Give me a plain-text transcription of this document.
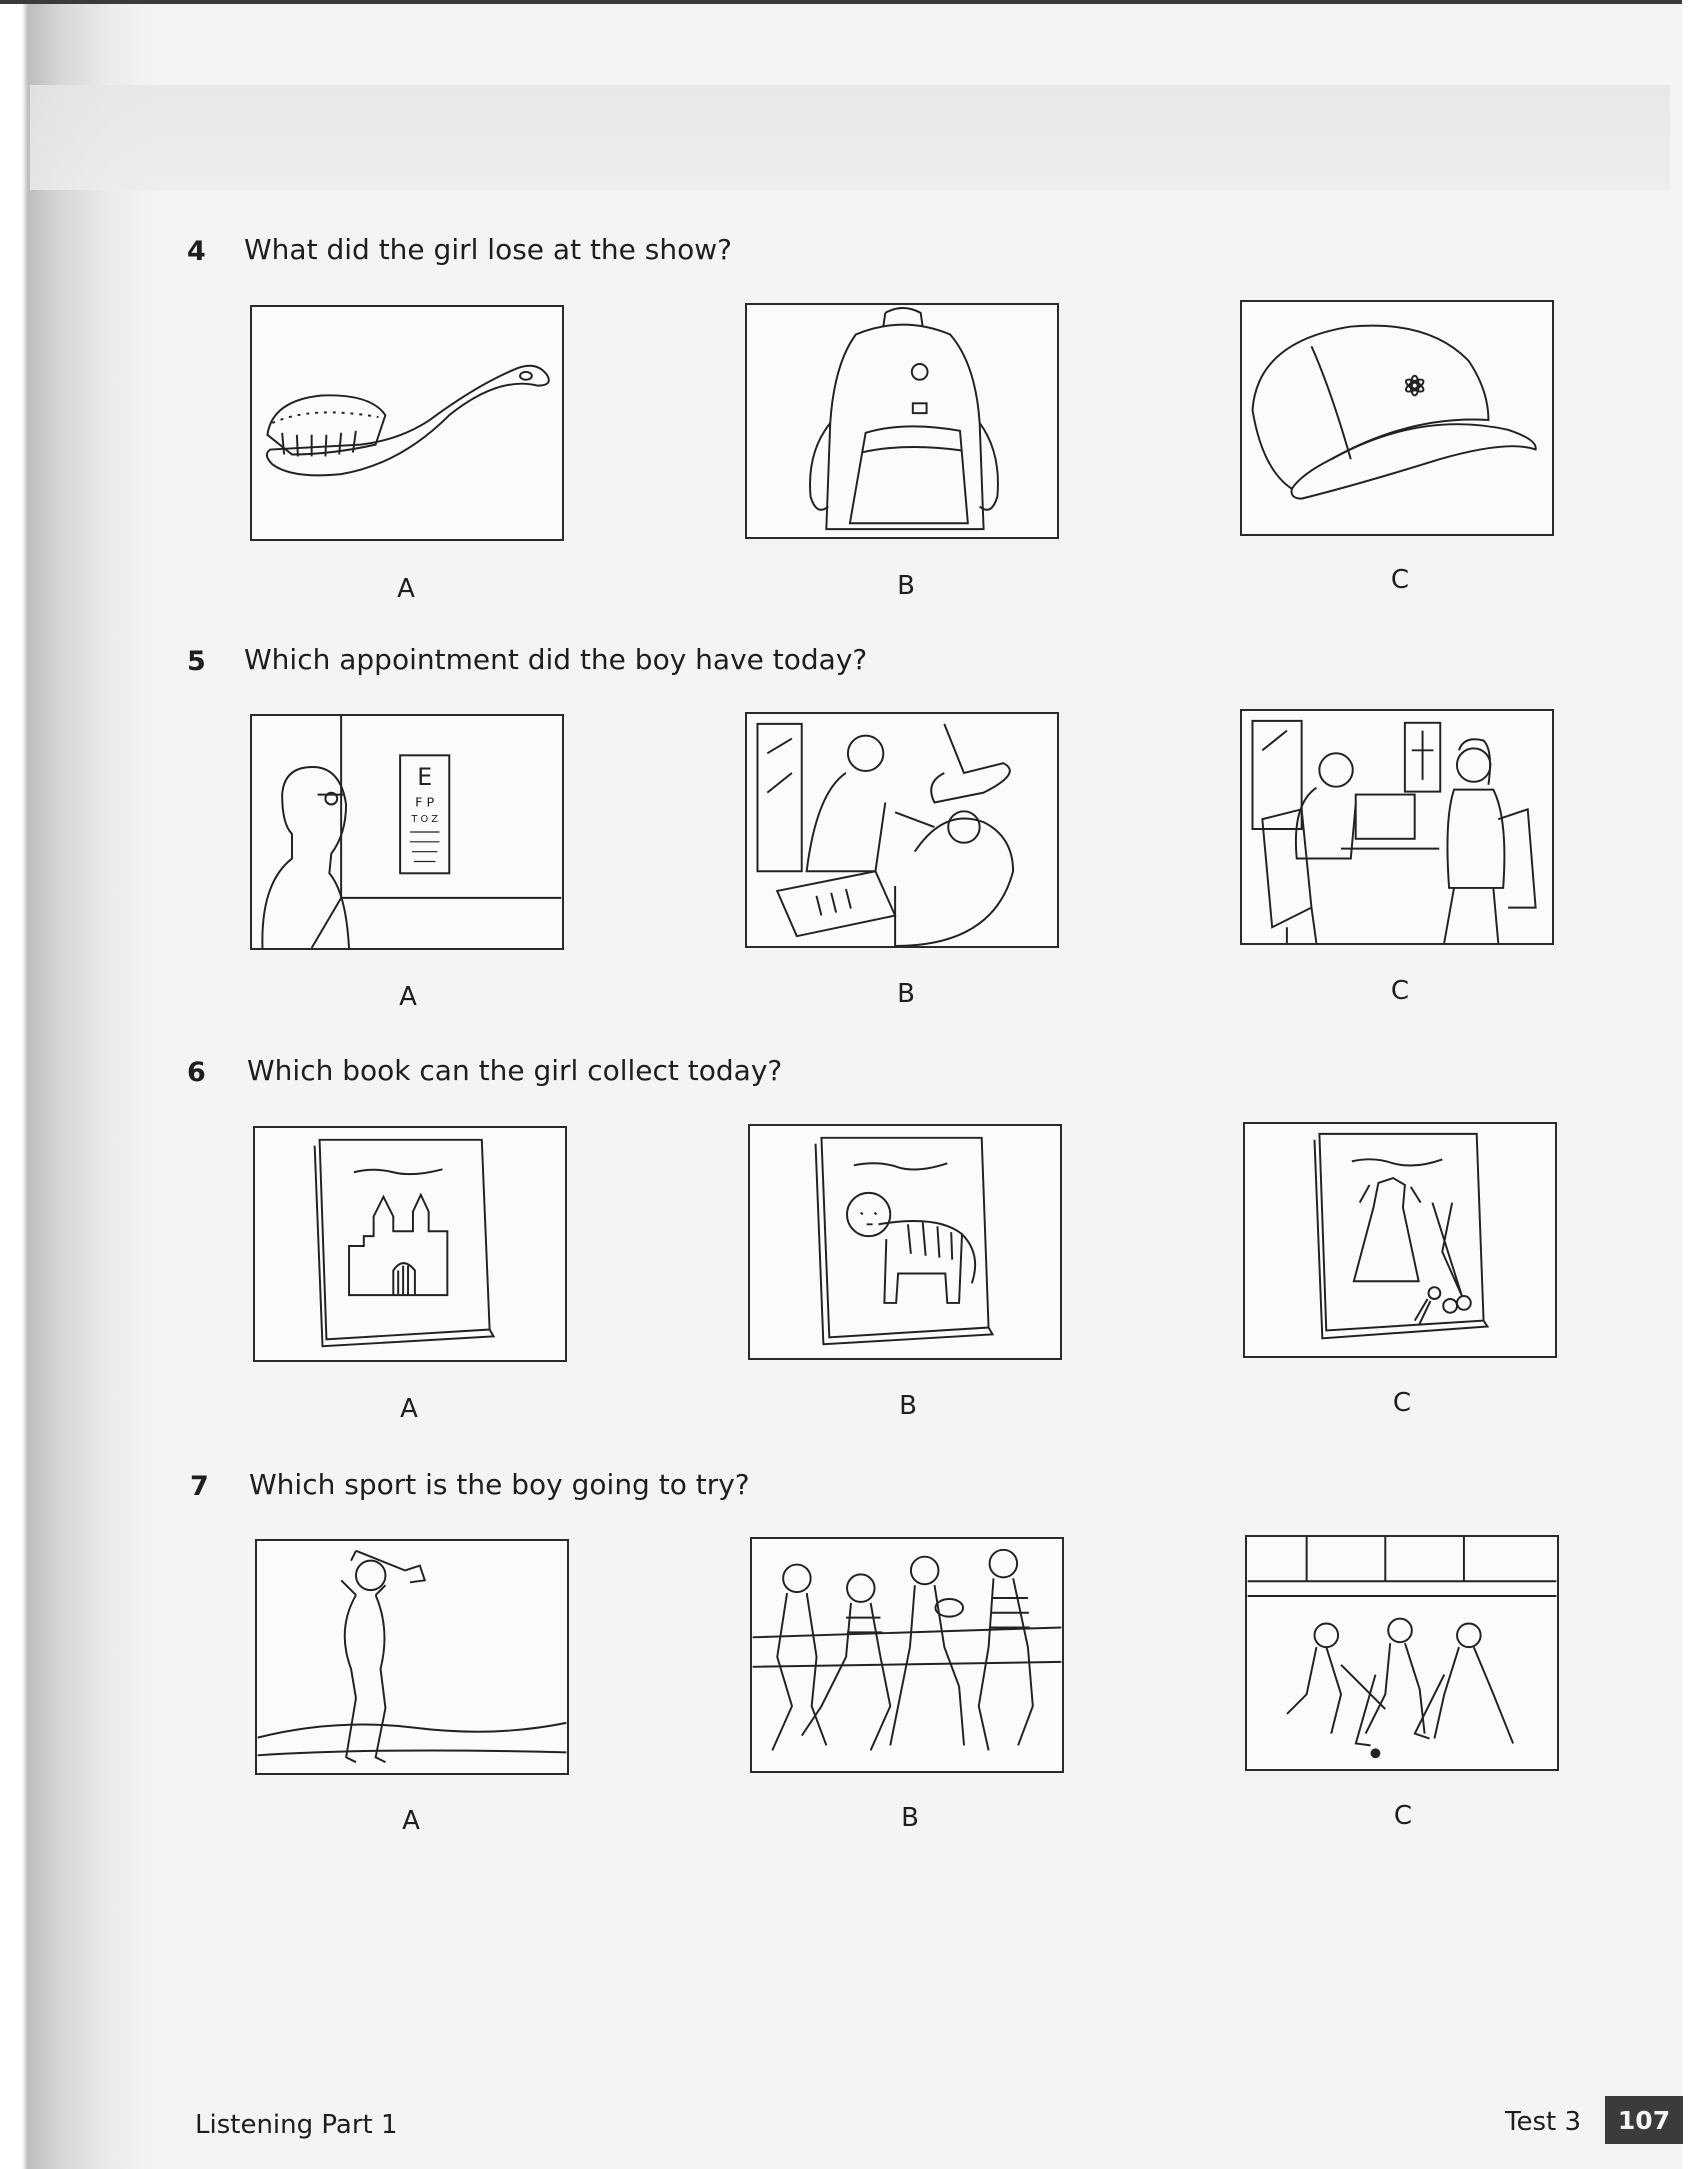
4 What did the girl lose at the show?
A	B	C
5 Which appointment did the boy have today?
E
F P
T O Z
A	B	C
6 Which book can the girl collect today?
A	B	C
7 Which sport is the boy going to try?
A	B	C
Listening Part 1	Test 3	107
